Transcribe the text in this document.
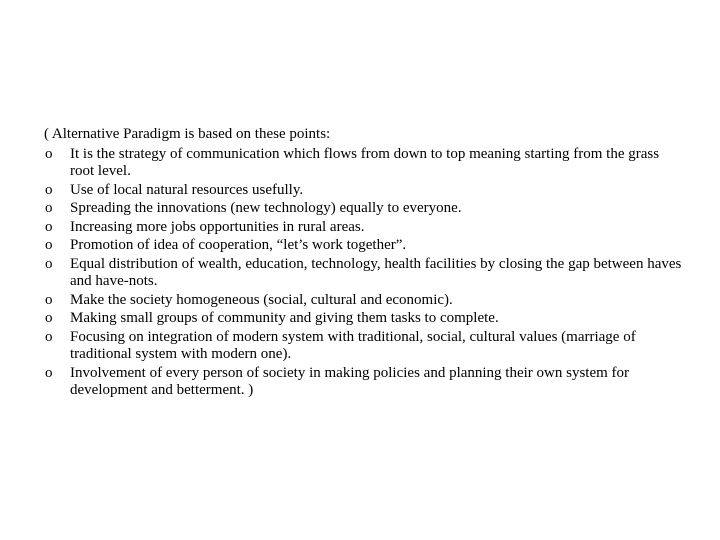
( Alternative Paradigm is based on these points:

o It is the strategy of communication which flows from down to top meaning starting from the grass root level.
o Use of local natural resources usefully.
o Spreading the innovations (new technology) equally to everyone.
o Increasing more jobs opportunities in rural areas.
o Promotion of idea of cooperation, “let’s work together”.
o Equal distribution of wealth, education, technology, health facilities by closing the gap between haves and have-nots.
o Make the society homogeneous (social, cultural and economic).
o Making small groups of community and giving them tasks to complete.
o Focusing on integration of modern system with traditional, social, cultural values (marriage of traditional system with modern one).
o Involvement of every person of society in making policies and planning their own system for development and betterment. )
